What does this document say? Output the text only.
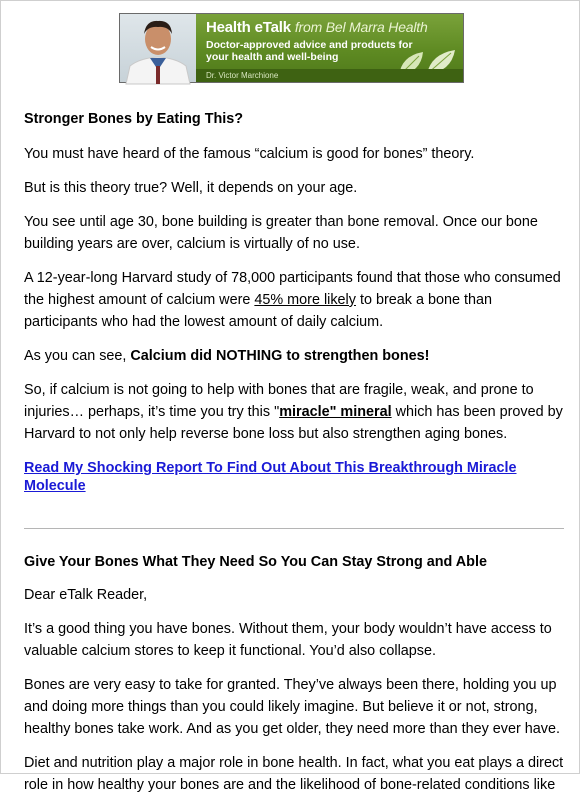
Health eTalk from Bel Marra Health
Doctor-approved advice and products for
your health and well-being
Dr. Victor Marchione
Stronger Bones by Eating This?

You must have heard of the famous “calcium is good for bones” theory.

But is this theory true? Well, it depends on your age.

You see until age 30, bone building is greater than bone removal. Once our bone building years are over, calcium is virtually of no use.

A 12-year-long Harvard study of 78,000 participants found that those who consumed the highest amount of calcium were 45% more likely to break a bone than participants who had the lowest amount of daily calcium.

As you can see, Calcium did NOTHING to strengthen bones!

So, if calcium is not going to help with bones that are fragile, weak, and prone to injuries… perhaps, it’s time you try this "miracle" mineral which has been proved by Harvard to not only help reverse bone loss but also strengthen aging bones.

Read My Shocking Report To Find Out About This Breakthrough Miracle Molecule
Give Your Bones What They Need So You Can Stay Strong and Able

Dear eTalk Reader,

It’s a good thing you have bones. Without them, your body wouldn’t have access to valuable calcium stores to keep it functional. You’d also collapse.

Bones are very easy to take for granted. They’ve always been there, holding you up and doing more things than you could likely imagine. But believe it or not, strong, healthy bones take work. And as you get older, they need more than they ever have.

Diet and nutrition play a major role in bone health. In fact, what you eat plays a direct role in how healthy your bones are and the likelihood of bone-related conditions like
